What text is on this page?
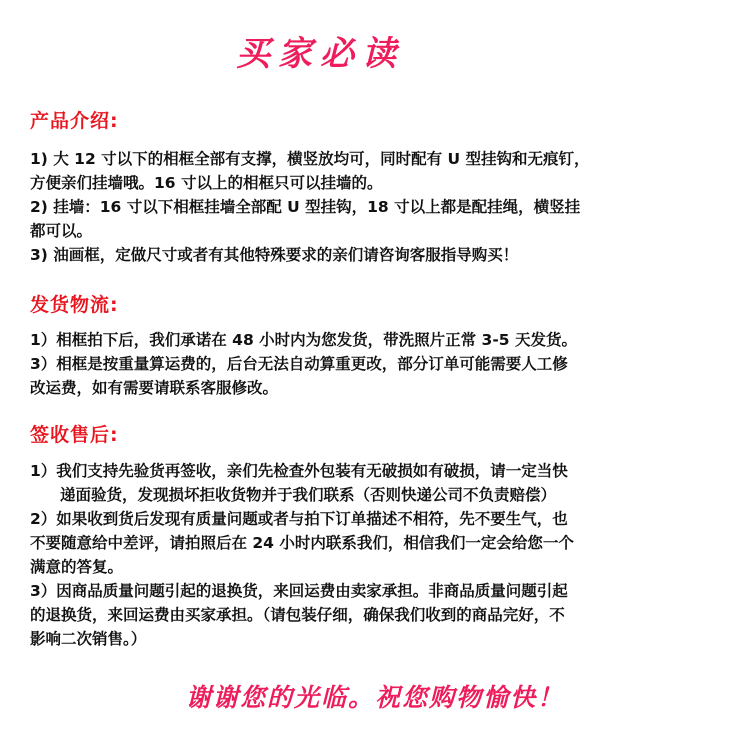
买家必读
产品介绍:
1) 大 12 寸以下的相框全部有支撑，横竖放均可，同时配有 U 型挂钩和无痕钉，
方便亲们挂墙哦。16 寸以上的相框只可以挂墙的。
2) 挂墙：16 寸以下相框挂墙全部配 U 型挂钩，18 寸以上都是配挂绳，横竖挂
都可以。
3) 油画框，定做尺寸或者有其他特殊要求的亲们请咨询客服指导购买！
发货物流:
1）相框拍下后，我们承诺在 48 小时内为您发货，带洗照片正常 3-5 天发货。
3）相框是按重量算运费的，后台无法自动算重更改，部分订单可能需要人工修
改运费，如有需要请联系客服修改。
签收售后:
1）我们支持先验货再签收，亲们先检查外包装有无破损如有破损，请一定当快
递面验货，发现损坏拒收货物并于我们联系（否则快递公司不负责赔偿）
2）如果收到货后发现有质量问题或者与拍下订单描述不相符，先不要生气，也
不要随意给中差评，请拍照后在 24 小时内联系我们，相信我们一定会给您一个
满意的答复。
3）因商品质量问题引起的退换货，来回运费由卖家承担。非商品质量问题引起
的退换货，来回运费由买家承担。（请包装仔细，确保我们收到的商品完好，不
影响二次销售。）
谢谢您的光临。祝您购物愉快！
